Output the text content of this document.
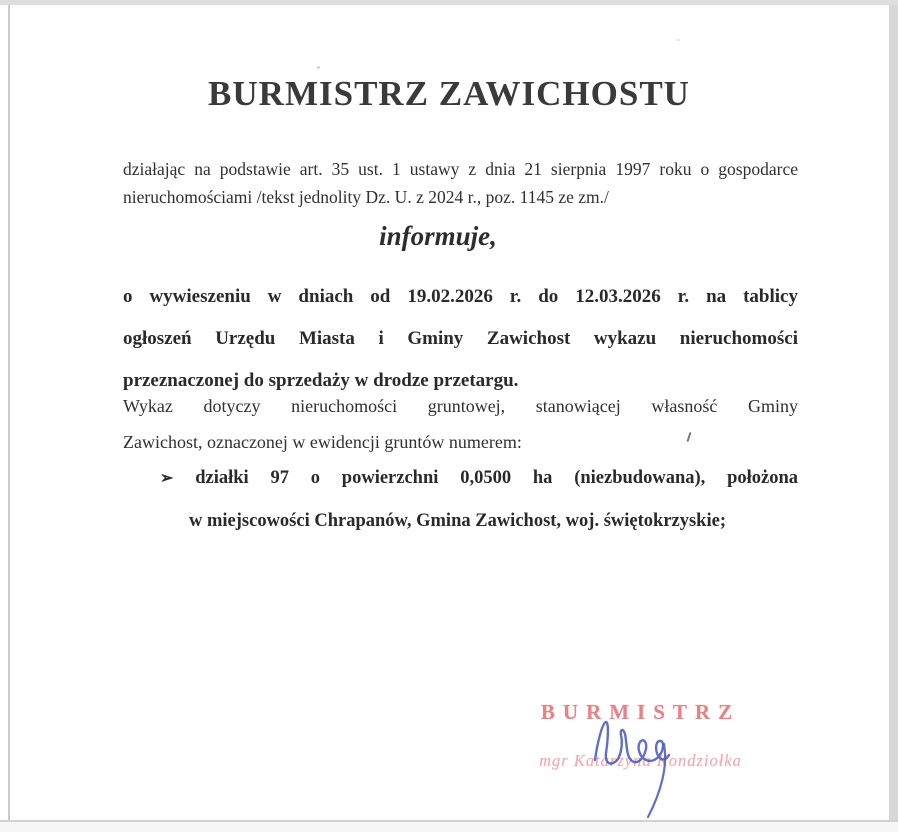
BURMISTRZ ZAWICHOSTU
działając na podstawie art. 35 ust. 1 ustawy z dnia 21 sierpnia 1997 roku o gospodarce
nieruchomościami /tekst jednolity Dz. U. z 2024 r., poz. 1145 ze zm./
informuje,
o wywieszeniu w dniach od 19.02.2026 r. do 12.03.2026 r. na tablicy
ogłoszeń Urzędu Miasta i Gminy Zawichost wykazu nieruchomości
przeznaczonej do sprzedaży w drodze przetargu.
Wykaz dotyczy nieruchomości gruntowej, stanowiącej własność Gminy
Zawichost, oznaczonej w ewidencji gruntów numerem:
➢ działki 97 o powierzchni 0,0500 ha (niezbudowana), położona
w miejscowości Chrapanów, Gmina Zawichost, woj. świętokrzyskie;
BURMISTRZ
mgr Katarzyna Kondziołka
